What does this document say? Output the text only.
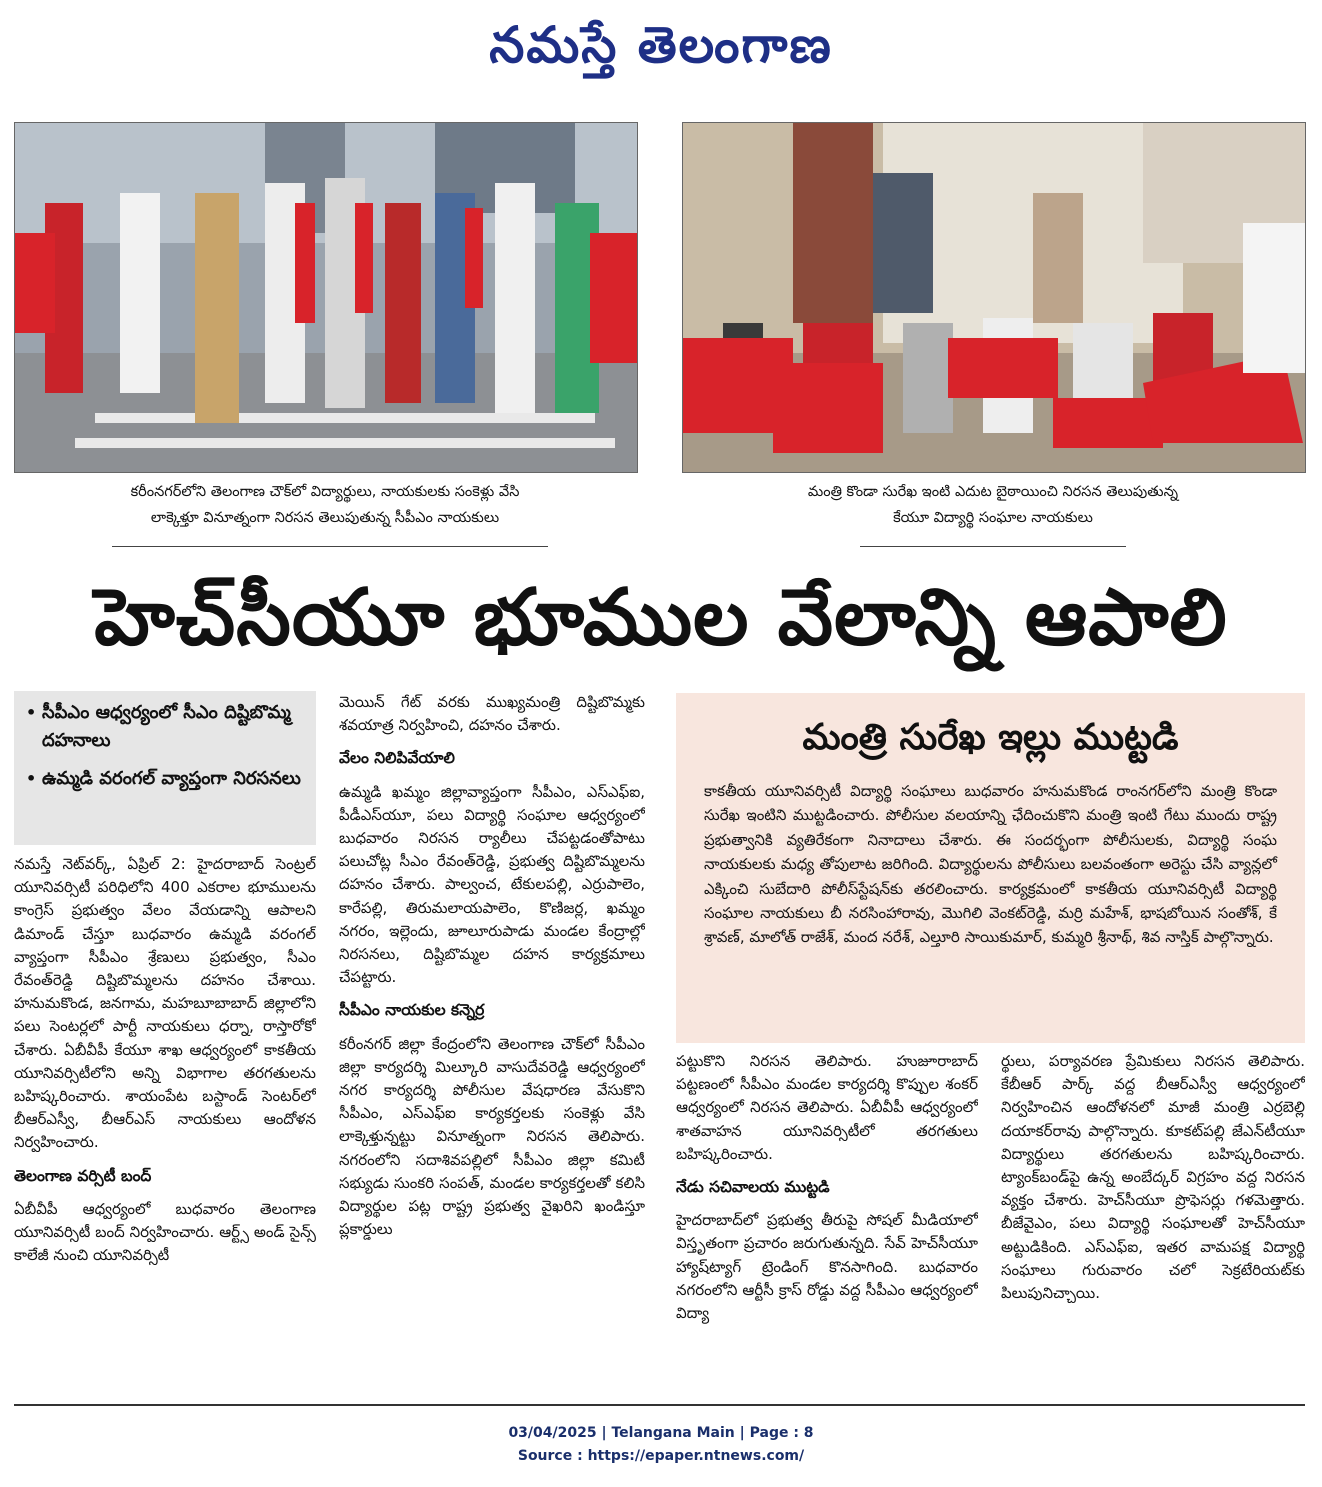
నమస్తే తెలంగాణ
కరీంనగర్‌లోని తెలంగాణ చౌక్‌లో విద్యార్థులు, నాయకులకు సంకెళ్లు వేసి
లాక్కెళ్తూ వినూత్నంగా నిరసన తెలుపుతున్న సీపీఎం నాయకులు
మంత్రి కొండా సురేఖ ఇంటి ఎదుట బైఠాయించి నిరసన తెలుపుతున్న
కేయూ విద్యార్థి సంఘాల నాయకులు
హెచ్‌సీయూ భూముల వేలాన్ని ఆపాలి
• సీపీఎం ఆధ్వర్యంలో సీఎం దిష్టిబొమ్మ దహనాలు
• ఉమ్మడి వరంగల్ వ్యాప్తంగా నిరసనలు

నమస్తే నెట్‌వర్క్, ఏప్రిల్ 2: హైదరాబాద్ సెంట్రల్ యూనివర్సిటీ పరిధిలోని 400 ఎకరాల భూములను కాంగ్రెస్ ప్రభుత్వం వేలం వేయడాన్ని ఆపాలని డిమాండ్ చేస్తూ బుధవారం ఉమ్మడి వరంగల్ వ్యాప్తంగా సీపీఎం శ్రేణులు ప్రభుత్వం, సీఎం రేవంత్‌రెడ్డి దిష్టిబొమ్మలను దహనం చేశాయి. హనుమకొండ, జనగామ, మహబూబాబాద్ జిల్లాలోని పలు సెంటర్లలో పార్టీ నాయకులు ధర్నా, రాస్తారోకో చేశారు. ఏబీవీపీ కేయూ శాఖ ఆధ్వర్యంలో కాకతీయ యూనివర్సిటీలోని అన్ని విభాగాల తరగతులను బహిష్కరించారు. శాయంపేట బస్టాండ్ సెంటర్‌లో బీఆర్ఎస్వీ, బీఆర్ఎస్ నాయకులు ఆందోళన నిర్వహించారు.

తెలంగాణ వర్సిటీ బంద్

ఏబీవీపీ ఆధ్వర్యంలో బుధవారం తెలంగాణ యూనివర్సిటీ బంద్ నిర్వహించారు. ఆర్ట్స్ అండ్ సైన్స్ కాలేజీ నుంచి యూనివర్సిటీ

మెయిన్ గేట్ వరకు ముఖ్యమంత్రి దిష్టిబొమ్మకు శవయాత్ర నిర్వహించి, దహనం చేశారు.

వేలం నిలిపివేయాలి

ఉమ్మడి ఖమ్మం జిల్లావ్యాప్తంగా సీపీఎం, ఎస్ఎఫ్ఐ, పీడీఎస్‌యూ, పలు విద్యార్థి సంఘాల ఆధ్వర్యంలో బుధవారం నిరసన ర్యాలీలు చేపట్టడంతోపాటు పలుచోట్ల సీఎం రేవంత్‌రెడ్డి, ప్రభుత్వ దిష్టిబొమ్మలను దహనం చేశారు. పాల్వంచ, టేకులపల్లి, ఎర్రుపాలెం, కారేపల్లి, తిరుమలాయపాలెం, కొణిజర్ల, ఖమ్మం నగరం, ఇల్లెందు, జూలూరుపాడు మండల కేంద్రాల్లో నిరసనలు, దిష్టిబొమ్మల దహన కార్యక్రమాలు చేపట్టారు.

సీపీఎం నాయకుల కన్నెర్ర

కరీంనగర్ జిల్లా కేంద్రంలోని తెలంగాణ చౌక్‌లో సీపీఎం జిల్లా కార్యదర్శి మిల్కూరి వాసుదేవరెడ్డి ఆధ్వర్యంలో నగర కార్యదర్శి పోలీసుల వేషధారణ వేసుకొని సీపీఎం, ఎస్ఎఫ్ఐ కార్యకర్తలకు సంకెళ్లు వేసి లాక్కెళ్తున్నట్టు వినూత్నంగా నిరసన తెలిపారు. నగరంలోని సదాశివపల్లిలో సీపీఎం జిల్లా కమిటీ సభ్యుడు సుంకరి సంపత్, మండల కార్యకర్తలతో కలిసి విద్యార్థుల పట్ల రాష్ట్ర ప్రభుత్వ వైఖరిని ఖండిస్తూ ప్లకార్డులు

మంత్రి సురేఖ ఇల్లు ముట్టడి
కాకతీయ యూనివర్సిటీ విద్యార్థి సంఘాలు బుధవారం హనుమకొండ రాంనగర్‌లోని మంత్రి కొండా సురేఖ ఇంటిని ముట్టడించారు. పోలీసుల వలయాన్ని ఛేదించుకొని మంత్రి ఇంటి గేటు ముందు రాష్ట్ర ప్రభుత్వానికి వ్యతిరేకంగా నినాదాలు చేశారు. ఈ సందర్భంగా పోలీసులకు, విద్యార్థి సంఘ నాయకులకు మధ్య తోపులాట జరిగింది. విద్యార్థులను పోలీసులు బలవంతంగా అరెస్టు చేసి వ్యాన్లలో ఎక్కించి సుబేదారి పోలీస్‌స్టేషన్‌కు తరలించారు. కార్యక్రమంలో కాకతీయ యూనివర్సిటీ విద్యార్థి సంఘాల నాయకులు బీ నరసింహారావు, మొగిలి వెంకట్‌రెడ్డి, మర్రి మహేశ్, భాషబోయిన సంతోశ్, కే శ్రావణ్, మాలోత్ రాజేశ్, మంద నరేశ్, ఎల్తూరి సాయికుమార్, కుమ్మరి శ్రీనాథ్, శివ నాస్తిక్ పాల్గొన్నారు.

పట్టుకొని నిరసన తెలిపారు. హుజూరాబాద్ పట్టణంలో సీపీఎం మండల కార్యదర్శి కొప్పుల శంకర్ ఆధ్వర్యంలో నిరసన తెలిపారు. ఏబీవీపీ ఆధ్వర్యంలో శాతవాహన యూనివర్సిటీలో తరగతులు బహిష్కరించారు.

నేడు సచివాలయ ముట్టడి

హైదరాబాద్‌లో ప్రభుత్వ తీరుపై సోషల్ మీడియాలో విస్తృతంగా ప్రచారం జరుగుతున్నది. సేవ్ హెచ్‌సీయూ హ్యాష్‌ట్యాగ్ ట్రెండింగ్ కొనసాగింది. బుధవారం నగరంలోని ఆర్టీసీ క్రాస్ రోడ్డు వద్ద సీపీఎం ఆధ్వర్యంలో విద్యా

ర్థులు, పర్యావరణ ప్రేమికులు నిరసన తెలిపారు. కేబీఆర్ పార్క్ వద్ద బీఆర్ఎస్వీ ఆధ్వర్యంలో నిర్వహించిన ఆందోళనలో మాజీ మంత్రి ఎర్రబెల్లి దయాకర్‌రావు పాల్గొన్నారు. కూకట్‌పల్లి జేఎన్‌టీయూ విద్యార్థులు తరగతులను బహిష్కరించారు. ట్యాంక్‌బండ్‌పై ఉన్న అంబేద్కర్ విగ్రహం వద్ద నిరసన వ్యక్తం చేశారు. హెచ్‌సీయూ ప్రొఫెసర్లు గళమెత్తారు. బీజేవైఎం, పలు విద్యార్థి సంఘాలతో హెచ్‌సీయూ అట్టుడికింది. ఎస్ఎఫ్ఐ, ఇతర వామపక్ష విద్యార్థి సంఘాలు గురువారం చలో సెక్రటేరియట్‌కు పిలుపునిచ్చాయి.

03/04/2025 | Telangana Main | Page : 8
Source : https://epaper.ntnews.com/
